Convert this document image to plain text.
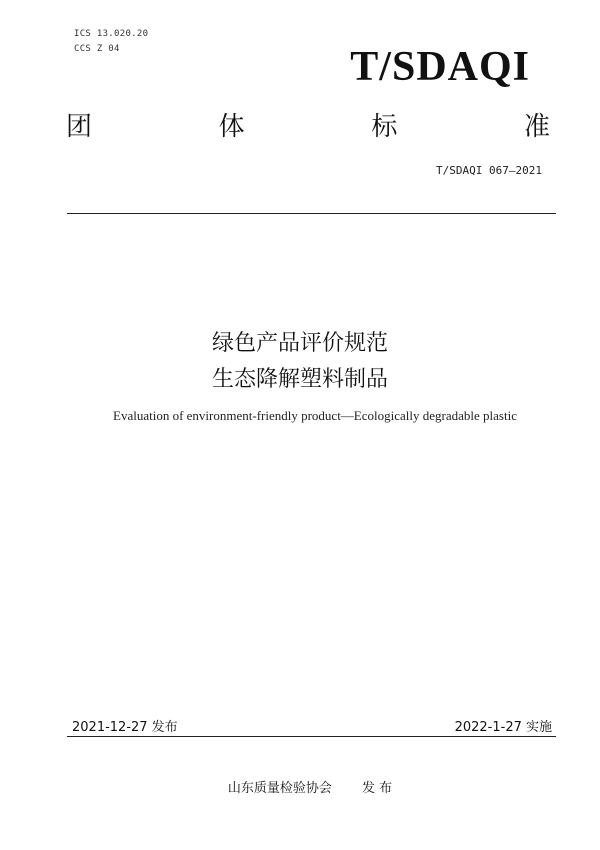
ICS 13.020.20
CCS Z 04	T/SDAQI
团	体	标	准
T/SDAQI 067—2021
绿色产品评价规范
生态降解塑料制品
Evaluation of environment-friendly product—Ecologically degradable plastic
2021-12-27 发布	2022-1-27 实施
山东质量检验协会 发 布
